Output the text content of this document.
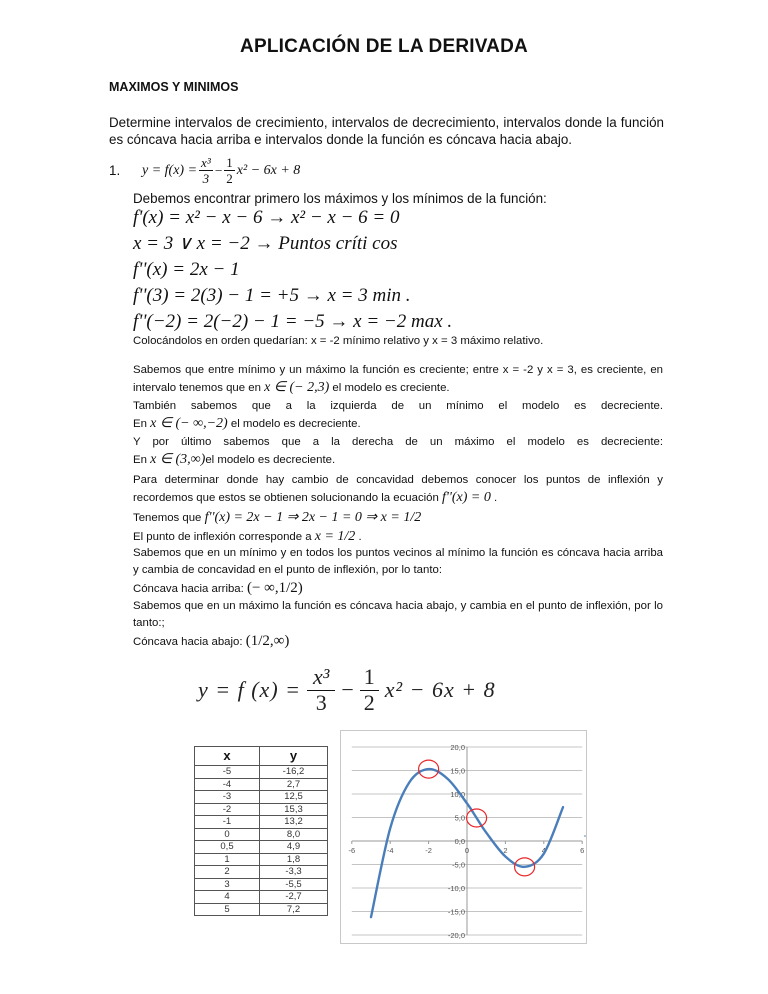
APLICACIÓN DE LA DERIVADA
MAXIMOS Y MINIMOS
Determine intervalos de crecimiento, intervalos de decrecimiento, intervalos donde la función es cóncava hacia arriba e intervalos donde la función es cóncava hacia abajo.
1.	$y = f(x) = \frac{\text{x³}}{3} - \frac{1}{2} x^2 - 6x + 8$
Debemos encontrar primero los máximos y los mínimos de la función:
f'(x) = x² − x − 6 → x² − x − 6 = 0
x = 3 ∨ x = −2 → Puntos críti cos
f''(x) = 2x − 1
f''(3) = 2(3) − 1 = +5 → x = 3 min .
f''(−2) = 2(−2) − 1 = −5 → x = −2 max .
Colocándolos en orden quedarían: x = -2 mínimo relativo y x = 3 máximo relativo.
Sabemos que entre mínimo y un máximo la función es creciente; entre x = -2 y x = 3, es creciente, en intervalo tenemos que en x ∈ (− 2,3) el modelo es creciente.
También sabemos que a la izquierda de un mínimo el modelo es decreciente.
En x ∈ (− ∞,−2) el modelo es decreciente.
Y por último sabemos que a la derecha de un máximo el modelo es decreciente:
En x ∈ (3,∞)el modelo es decreciente.
Para determinar donde hay cambio de concavidad debemos conocer los puntos de inflexión y recordemos que estos se obtienen solucionando la ecuación f''(x) = 0 .
Tenemos que f''(x) = 2x − 1 ⇒ 2x − 1 = 0 ⇒ x = 1/2
El punto de inflexión corresponde a x = 1/2 .
Sabemos que en un mínimo y en todos los puntos vecinos al mínimo la función es cóncava hacia arriba y cambia de concavidad en el punto de inflexión, por lo tanto:
Cóncava hacia arriba: (− ∞,1/2)
Sabemos que en un máximo la función es cóncava hacia abajo, y cambia en el punto de inflexión, por lo tanto:;
Cóncava hacia abajo: (1/2,∞)
y = f $(x) = \frac{\text{x³}}{3} - \frac{1}{2} x^2 - 6x + 8$
x	y
-5	-16,2
-4	2,7
-3	12,5
-2	15,3
-1	13,2
0	8,0
0,5	4,9
1	1,8
2	-3,3
3	-5,5
4	-2,7
5	7,2
20,0
15,0
10,0
5,0
0,0
-5,0
-10,0
-15,0
-20,0
-6	-4	-2	0	2	4	6
